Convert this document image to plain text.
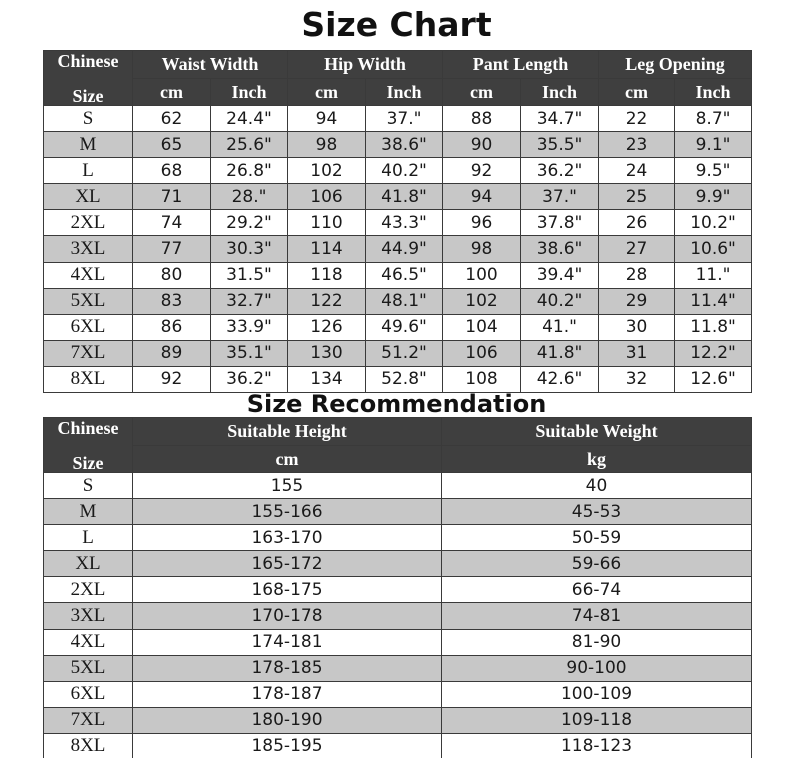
Size Chart
Chinese
Size	Waist Width		Hip Width		Pant Length		Leg Opening	
	cm	Inch	cm	Inch	cm	Inch	cm	Inch
S	62	24.4"	94	37."	88	34.7"	22	8.7"
M	65	25.6"	98	38.6"	90	35.5"	23	9.1"
L	68	26.8"	102	40.2"	92	36.2"	24	9.5"
XL	71	28."	106	41.8"	94	37."	25	9.9"
2XL	74	29.2"	110	43.3"	96	37.8"	26	10.2"
3XL	77	30.3"	114	44.9"	98	38.6"	27	10.6"
4XL	80	31.5"	118	46.5"	100	39.4"	28	11."
5XL	83	32.7"	122	48.1"	102	40.2"	29	11.4"
6XL	86	33.9"	126	49.6"	104	41."	30	11.8"
7XL	89	35.1"	130	51.2"	106	41.8"	31	12.2"
8XL	92	36.2"	134	52.8"	108	42.6"	32	12.6"
Size Recommendation
Chinese
Size	Suitable Height	Suitable Weight
	cm	kg
S	155	40
M	155-166	45-53
L	163-170	50-59
XL	165-172	59-66
2XL	168-175	66-74
3XL	170-178	74-81
4XL	174-181	81-90
5XL	178-185	90-100
6XL	178-187	100-109
7XL	180-190	109-118
8XL	185-195	118-123
